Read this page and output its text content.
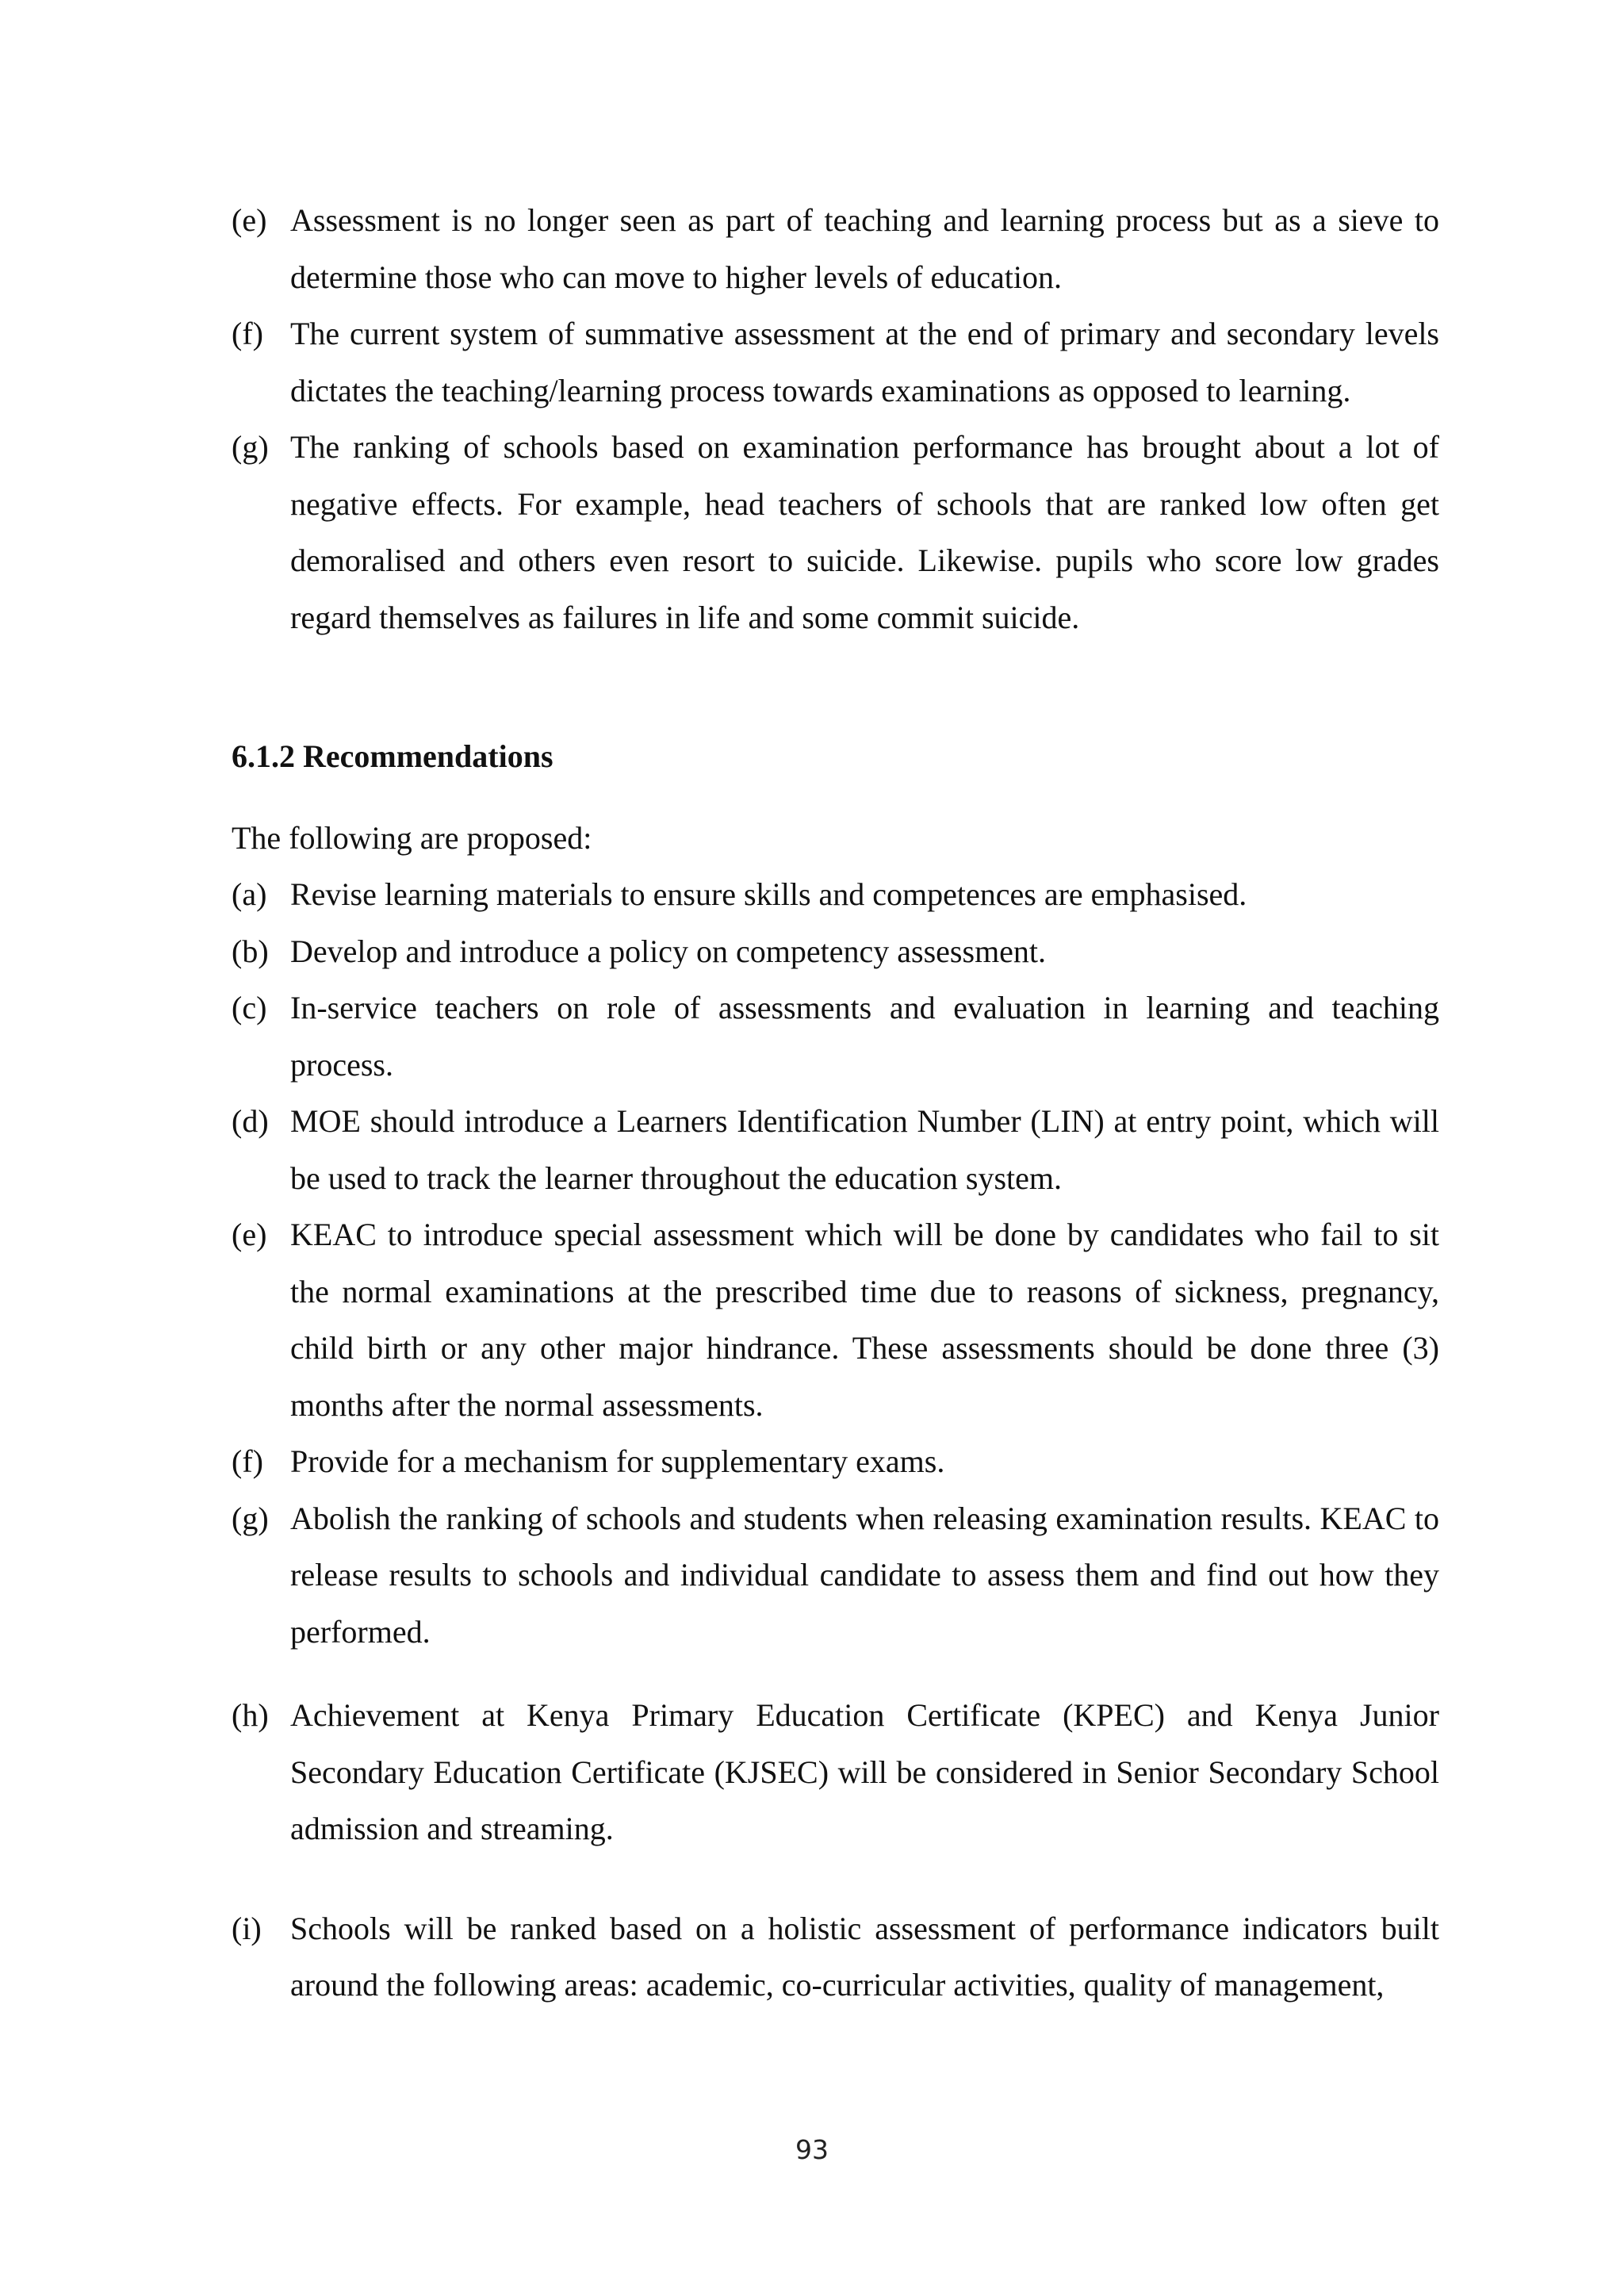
(e) Assessment is no longer seen as part of teaching and learning process but as a sieve to determine those who can move to higher levels of education.
(f) The current system of summative assessment at the end of primary and secondary levels dictates the teaching/learning process towards examinations as opposed to learning.
(g) The ranking of schools based on examination performance has brought about a lot of negative effects. For example, head teachers of schools that are ranked low often get demoralised and others even resort to suicide. Likewise. pupils who score low grades regard themselves as failures in life and some commit suicide.
6.1.2 Recommendations

The following are proposed:

(a) Revise learning materials to ensure skills and competences are emphasised.
(b) Develop and introduce a policy on competency assessment.
(c) In-service teachers on role of assessments and evaluation in learning and teaching process.
(d) MOE should introduce a Learners Identification Number (LIN) at entry point, which will be used to track the learner throughout the education system.
(e) KEAC to introduce special assessment which will be done by candidates who fail to sit the normal examinations at the prescribed time due to reasons of sickness, pregnancy, child birth or any other major hindrance. These assessments should be done three (3) months after the normal assessments.
(f) Provide for a mechanism for supplementary exams.
(g) Abolish the ranking of schools and students when releasing examination results. KEAC to release results to schools and individual candidate to assess them and find out how they performed.
(h) Achievement at Kenya Primary Education Certificate (KPEC) and Kenya Junior Secondary Education Certificate (KJSEC) will be considered in Senior Secondary School admission and streaming.
(i) Schools will be ranked based on a holistic assessment of performance indicators built around the following areas: academic, co-curricular activities, quality of management,
93
